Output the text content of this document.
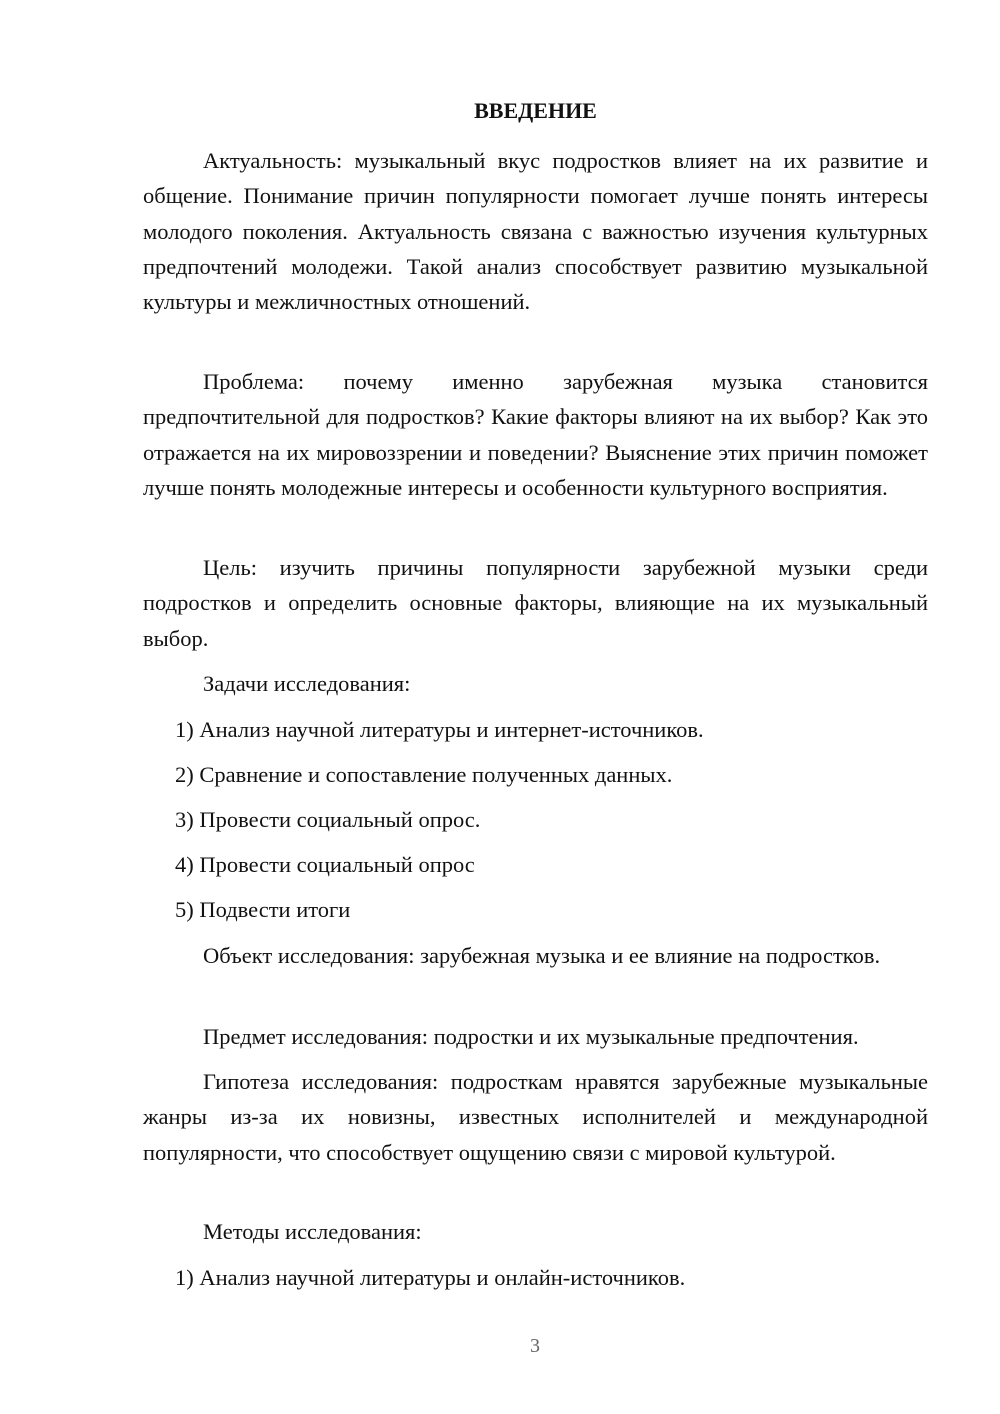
ВВЕДЕНИЕ

Актуальность: музыкальный вкус подростков влияет на их развитие и общение. Понимание причин популярности помогает лучше понять интересы молодого поколения. Актуальность связана с важностью изучения культурных предпочтений молодежи. Такой анализ способствует развитию музыкальной культуры и межличностных отношений.

Проблема: почему именно зарубежная музыка становится предпочтительной для подростков? Какие факторы влияют на их выбор? Как это отражается на их мировоззрении и поведении? Выяснение этих причин поможет лучше понять молодежные интересы и особенности культурного восприятия.

Цель: изучить причины популярности зарубежной музыки среди подростков и определить основные факторы, влияющие на их музыкальный выбор.

Задачи исследования:

1) Анализ научной литературы и интернет-источников.

2) Сравнение и сопоставление полученных данных.

3) Провести социальный опрос.

4) Провести социальный опрос

5) Подвести итоги

Объект исследования: зарубежная музыка и ее влияние на подростков.

Предмет исследования: подростки и их музыкальные предпочтения.

Гипотеза исследования: подросткам нравятся зарубежные музыкальные жанры из-за их новизны, известных исполнителей и международной популярности, что способствует ощущению связи с мировой культурой.

Методы исследования:

1) Анализ научной литературы и онлайн-источников.

3
